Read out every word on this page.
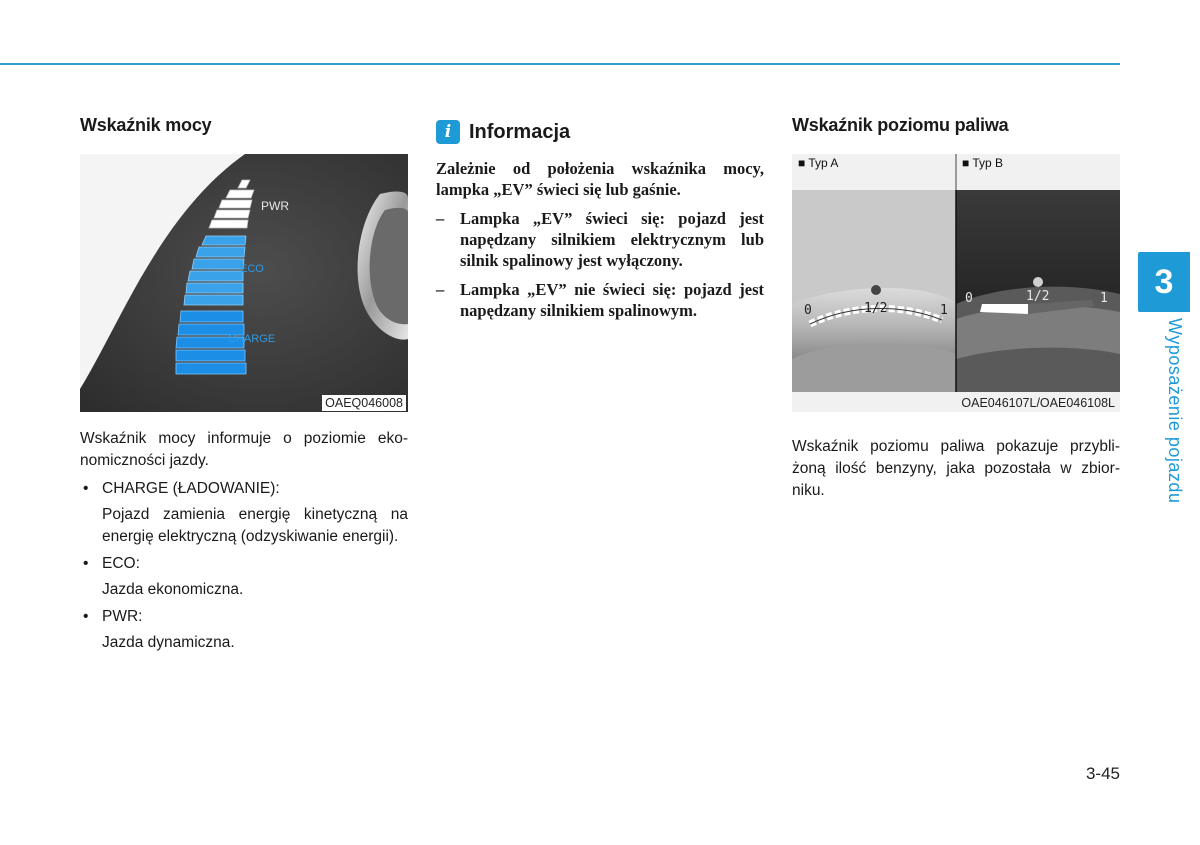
Wskaźnik mocy
PWR
ECO
CHARGE
OAEQ046008

Wskaźnik mocy informuje o poziomie eko-nomiczności jazdy.

• CHARGE (ŁADOWANIE):
Pojazd zamienia energię kinetyczną na energię elektryczną (odzyskiwanie energii).
• ECO:
Jazda ekonomiczna.
• PWR:
Jazda dynamiczna.
i Informacja

Zależnie od położenia wskaźnika mocy, lampka „EV” świeci się lub gaśnie.

– Lampka „EV” świeci się: pojazd jest napędzany silnikiem elektrycznym lub silnik spalinowy jest wyłączony.
– Lampka „EV” nie świeci się: pojazd jest napędzany silnikiem spalinowym.
Wskaźnik poziomu paliwa
0	1/2	1
0	1/2	1
■ Typ A	■ Typ B
OAE046107L/OAE046108L

Wskaźnik poziomu paliwa pokazuje przybli-żoną ilość benzyny, jaka pozostała w zbior-niku.

3
Wyposażenie pojazdu
3-45
